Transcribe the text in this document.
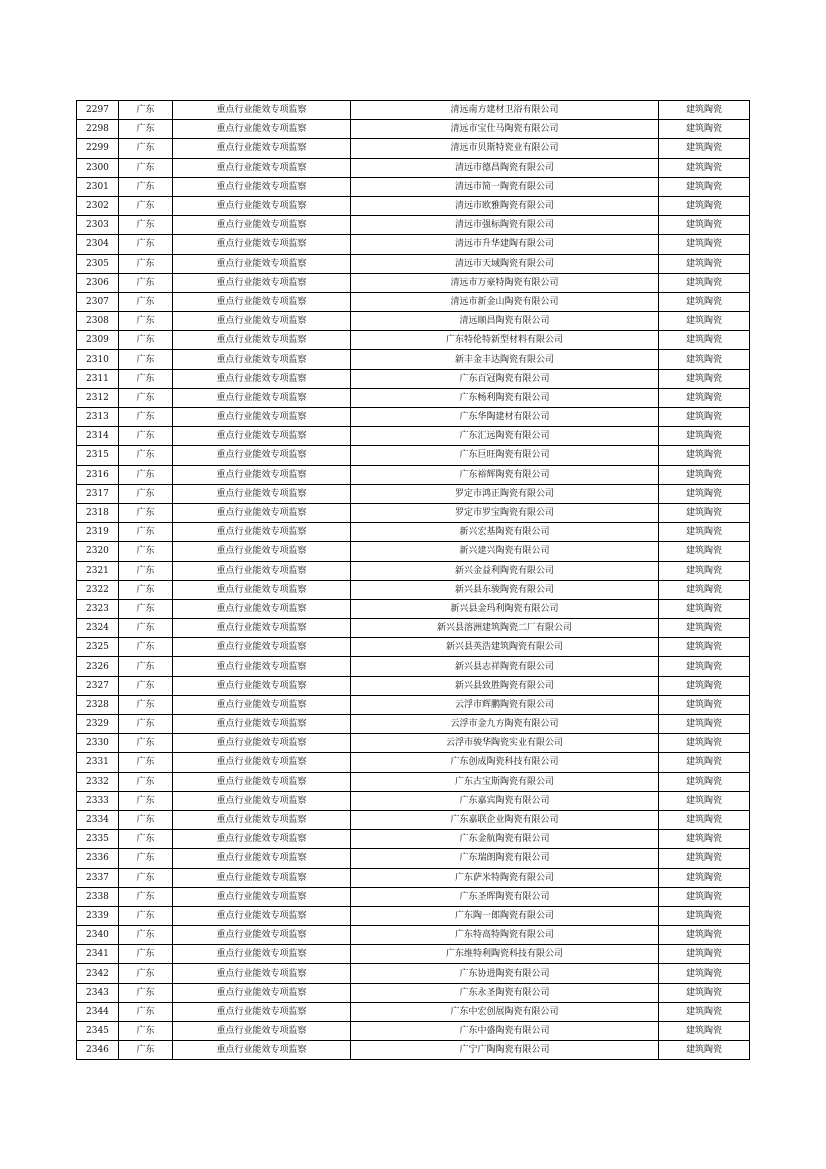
2297	广东	重点行业能效专项监察	清远南方建材卫浴有限公司	建筑陶瓷
2298	广东	重点行业能效专项监察	清远市宝仕马陶瓷有限公司	建筑陶瓷
2299	广东	重点行业能效专项监察	清远市贝斯特瓷业有限公司	建筑陶瓷
2300	广东	重点行业能效专项监察	清远市德昌陶瓷有限公司	建筑陶瓷
2301	广东	重点行业能效专项监察	清远市简一陶瓷有限公司	建筑陶瓷
2302	广东	重点行业能效专项监察	清远市欧雅陶瓷有限公司	建筑陶瓷
2303	广东	重点行业能效专项监察	清远市强标陶瓷有限公司	建筑陶瓷
2304	广东	重点行业能效专项监察	清远市升华建陶有限公司	建筑陶瓷
2305	广东	重点行业能效专项监察	清远市天域陶瓷有限公司	建筑陶瓷
2306	广东	重点行业能效专项监察	清远市万豪特陶瓷有限公司	建筑陶瓷
2307	广东	重点行业能效专项监察	清远市新金山陶瓷有限公司	建筑陶瓷
2308	广东	重点行业能效专项监察	清远顺昌陶瓷有限公司	建筑陶瓷
2309	广东	重点行业能效专项监察	广东特伦特新型材料有限公司	建筑陶瓷
2310	广东	重点行业能效专项监察	新丰金丰达陶瓷有限公司	建筑陶瓷
2311	广东	重点行业能效专项监察	广东百冠陶瓷有限公司	建筑陶瓷
2312	广东	重点行业能效专项监察	广东畅利陶瓷有限公司	建筑陶瓷
2313	广东	重点行业能效专项监察	广东华陶建材有限公司	建筑陶瓷
2314	广东	重点行业能效专项监察	广东汇远陶瓷有限公司	建筑陶瓷
2315	广东	重点行业能效专项监察	广东巨旺陶瓷有限公司	建筑陶瓷
2316	广东	重点行业能效专项监察	广东裕辉陶瓷有限公司	建筑陶瓷
2317	广东	重点行业能效专项监察	罗定市鸿正陶瓷有限公司	建筑陶瓷
2318	广东	重点行业能效专项监察	罗定市罗宝陶瓷有限公司	建筑陶瓷
2319	广东	重点行业能效专项监察	新兴宏基陶瓷有限公司	建筑陶瓷
2320	广东	重点行业能效专项监察	新兴建兴陶瓷有限公司	建筑陶瓷
2321	广东	重点行业能效专项监察	新兴金益利陶瓷有限公司	建筑陶瓷
2322	广东	重点行业能效专项监察	新兴县东骏陶瓷有限公司	建筑陶瓷
2323	广东	重点行业能效专项监察	新兴县金玛利陶瓷有限公司	建筑陶瓷
2324	广东	重点行业能效专项监察	新兴县溶洲建筑陶瓷二厂有限公司	建筑陶瓷
2325	广东	重点行业能效专项监察	新兴县英浩建筑陶瓷有限公司	建筑陶瓷
2326	广东	重点行业能效专项监察	新兴县志祥陶瓷有限公司	建筑陶瓷
2327	广东	重点行业能效专项监察	新兴县致胜陶瓷有限公司	建筑陶瓷
2328	广东	重点行业能效专项监察	云浮市辉鹏陶瓷有限公司	建筑陶瓷
2329	广东	重点行业能效专项监察	云浮市金九方陶瓷有限公司	建筑陶瓷
2330	广东	重点行业能效专项监察	云浮市骏华陶瓷实业有限公司	建筑陶瓷
2331	广东	重点行业能效专项监察	广东创成陶瓷科技有限公司	建筑陶瓷
2332	广东	重点行业能效专项监察	广东古宝斯陶瓷有限公司	建筑陶瓷
2333	广东	重点行业能效专项监察	广东嘉宾陶瓷有限公司	建筑陶瓷
2334	广东	重点行业能效专项监察	广东嘉联企业陶瓷有限公司	建筑陶瓷
2335	广东	重点行业能效专项监察	广东金航陶瓷有限公司	建筑陶瓷
2336	广东	重点行业能效专项监察	广东瑞朗陶瓷有限公司	建筑陶瓷
2337	广东	重点行业能效专项监察	广东萨米特陶瓷有限公司	建筑陶瓷
2338	广东	重点行业能效专项监察	广东圣晖陶瓷有限公司	建筑陶瓷
2339	广东	重点行业能效专项监察	广东陶一郎陶瓷有限公司	建筑陶瓷
2340	广东	重点行业能效专项监察	广东特高特陶瓷有限公司	建筑陶瓷
2341	广东	重点行业能效专项监察	广东维特利陶瓷科技有限公司	建筑陶瓷
2342	广东	重点行业能效专项监察	广东协进陶瓷有限公司	建筑陶瓷
2343	广东	重点行业能效专项监察	广东永圣陶瓷有限公司	建筑陶瓷
2344	广东	重点行业能效专项监察	广东中宏创展陶瓷有限公司	建筑陶瓷
2345	广东	重点行业能效专项监察	广东中盛陶瓷有限公司	建筑陶瓷
2346	广东	重点行业能效专项监察	广宁广陶陶瓷有限公司	建筑陶瓷
